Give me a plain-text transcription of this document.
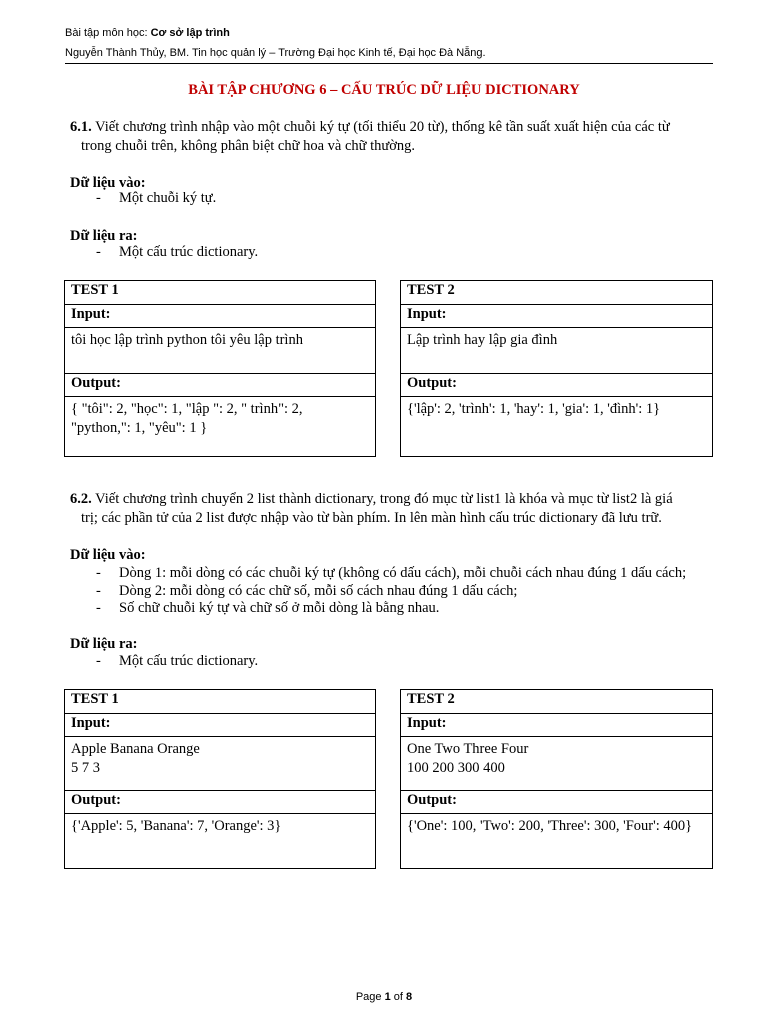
Bài tập môn học: Cơ sở lập trình
Nguyễn Thành Thủy, BM. Tin học quản lý – Trường Đại học Kinh tế, Đại học Đà Nẵng.
BÀI TẬP CHƯƠNG 6 – CẤU TRÚC DỮ LIỆU DICTIONARY
6.1. Viết chương trình nhập vào một chuỗi ký tự (tối thiểu 20 từ), thống kê tần suất xuất hiện của các từ
trong chuỗi trên, không phân biệt chữ hoa và chữ thường.
Dữ liệu vào:
- Một chuỗi ký tự.
Dữ liệu ra:
- Một cấu trúc dictionary.
TEST 1
Input:
tôi học lập trình python tôi yêu lập trình
Output:
{ "tôi": 2, "học": 1, "lập ": 2, " trình": 2,
"python,": 1, "yêu": 1 }
TEST 2
Input:
Lập trình hay lập gia đình
Output:
{'lập': 2, 'trình': 1, 'hay': 1, 'gia': 1, 'đình': 1}
6.2. Viết chương trình chuyển 2 list thành dictionary, trong đó mục từ list1 là khóa và mục từ list2 là giá
trị; các phần tử của 2 list được nhập vào từ bàn phím. In lên màn hình cấu trúc dictionary đã lưu trữ.
Dữ liệu vào:
- Dòng 1: mỗi dòng có các chuỗi ký tự (không có dấu cách), mỗi chuỗi cách nhau đúng 1 dấu cách;
- Dòng 2: mỗi dòng có các chữ số, mỗi số cách nhau đúng 1 dấu cách;
- Số chữ chuỗi ký tự và chữ số ở mỗi dòng là bằng nhau.
Dữ liệu ra:
- Một cấu trúc dictionary.
TEST 1
Input:
Apple Banana Orange
5 7 3
Output:
{'Apple': 5, 'Banana': 7, 'Orange': 3}
TEST 2
Input:
One Two Three Four
100 200 300 400
Output:
{'One': 100, 'Two': 200, 'Three': 300, 'Four': 400}
Page 1 of 8
